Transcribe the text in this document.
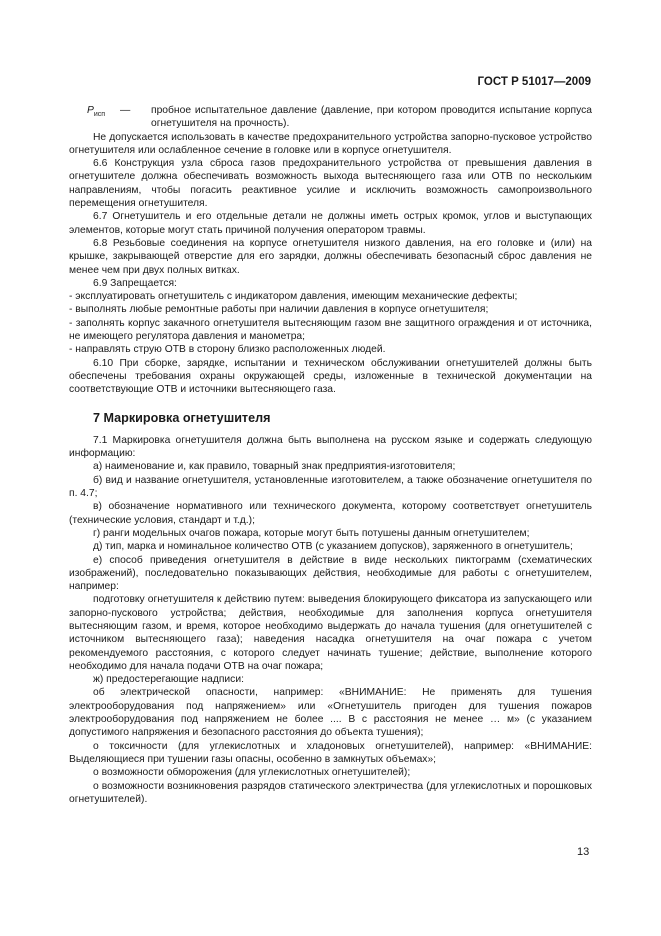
ГОСТ Р 51017—2009
$P_{исп}$	—	пробное испытательное давление (давление, при котором проводится испытание корпуса огнетушителя на прочность).

Не допускается использовать в качестве предохранительного устройства запорно-пусковое устройство огнетушителя или ослабленное сечение в головке или в корпусе огнетушителя.

6.6 Конструкция узла сброса газов предохранительного устройства от превышения давления в огнетушителе должна обеспечивать возможность выхода вытесняющего газа или ОТВ по нескольким направлениям, чтобы погасить реактивное усилие и исключить возможность самопроизвольного перемещения огнетушителя.

6.7 Огнетушитель и его отдельные детали не должны иметь острых кромок, углов и выступающих элементов, которые могут стать причиной получения оператором травмы.

6.8 Резьбовые соединения на корпусе огнетушителя низкого давления, на его головке и (или) на крышке, закрывающей отверстие для его зарядки, должны обеспечивать безопасный сброс давления не менее чем при двух полных витках.

6.9 Запрещается:

- эксплуатировать огнетушитель с индикатором давления, имеющим механические дефекты;

- выполнять любые ремонтные работы при наличии давления в корпусе огнетушителя;

- заполнять корпус закачного огнетушителя вытесняющим газом вне защитного ограждения и от источника, не имеющего регулятора давления и манометра;

- направлять струю ОТВ в сторону близко расположенных людей.

6.10 При сборке, зарядке, испытании и техническом обслуживании огнетушителей должны быть обеспечены требования охраны окружающей среды, изложенные в технической документации на соответствующие ОТВ и источники вытесняющего газа.

7 Маркировка огнетушителя

7.1 Маркировка огнетушителя должна быть выполнена на русском языке и содержать следующую информацию:

а) наименование и, как правило, товарный знак предприятия-изготовителя;

б) вид и название огнетушителя, установленные изготовителем, а также обозначение огнетушителя по п. 4.7;

в) обозначение нормативного или технического документа, которому соответствует огнетушитель (технические условия, стандарт и т.д.);

г) ранги модельных очагов пожара, которые могут быть потушены данным огнетушителем;

д) тип, марка и номинальное количество ОТВ (с указанием допусков), заряженного в огнетушитель;

е) способ приведения огнетушителя в действие в виде нескольких пиктограмм (схематических изображений), последовательно показывающих действия, необходимые для работы с огнетушителем, например:

подготовку огнетушителя к действию путем: выведения блокирующего фиксатора из запускающего или запорно-пускового устройства; действия, необходимые для заполнения корпуса огнетушителя вытесняющим газом, и время, которое необходимо выдержать до начала тушения (для огнетушителей с источником вытесняющего газа); наведения насадка огнетушителя на очаг пожара с учетом рекомендуемого расстояния, с которого следует начинать тушение; действие, выполнение которого необходимо для начала подачи ОТВ на очаг пожара;

ж) предостерегающие надписи:

об электрической опасности, например: «ВНИМАНИЕ: Не применять для тушения электрооборудования под напряжением» или «Огнетушитель пригоден для тушения пожаров электрооборудования под напряжением не более .... В с расстояния не менее … м» (с указанием допустимого напряжения и безопасного расстояния до объекта тушения);

о токсичности (для углекислотных и хладоновых огнетушителей), например: «ВНИМАНИЕ: Выделяющиеся при тушении газы опасны, особенно в замкнутых объемах»;

о возможности обморожения (для углекислотных огнетушителей);

о возможности возникновения разрядов статического электричества (для углекислотных и порошковых огнетушителей).

13
